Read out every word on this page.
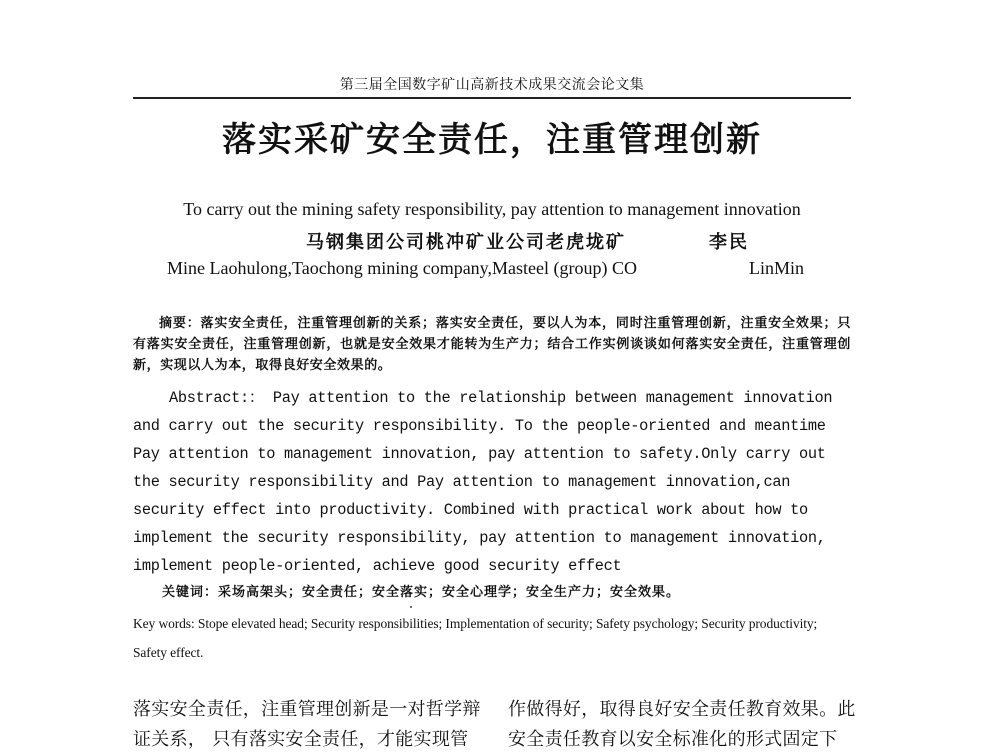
第三届全国数字矿山高新技术成果交流会论文集
落实采矿安全责任，注重管理创新
To carry out the mining safety responsibility, pay attention to management innovation
马钢集团公司桃冲矿业公司老虎垅矿	李民
Mine Laohulong,Taochong mining company,Masteel (group) CO	LinMin
摘要：落实安全责任，注重管理创新的关系；落实安全责任，要以人为本，同时注重管理创新，注重安全效果；只有落实安全责任，注重管理创新，也就是安全效果才能转为生产力；结合工作实例谈谈如何落实安全责任，注重管理创新，实现以人为本，取得良好安全效果的。
Abstract:： Pay attention to the relationship between management innovation and carry out the security responsibility. To the people-oriented and meantime Pay attention to management innovation, pay attention to safety.Only carry out the security responsibility and Pay attention to management innovation,can security effect into productivity. Combined with practical work about how to implement the security responsibility, pay attention to management innovation, implement people-oriented, achieve good security effect
关键词：采场高架头；安全责任；安全落实；安全心理学；安全生产力；安全效果。
Key words: Stope elevated head; Security responsibilities; Implementation of security; Safety psychology; Security productivity; Safety effect.
落实安全责任，注重管理创新是一对哲学辩
证关系， 只有落实安全责任，才能实现管
作做得好，取得良好安全责任教育效果。此
安全责任教育以安全标准化的形式固定下
